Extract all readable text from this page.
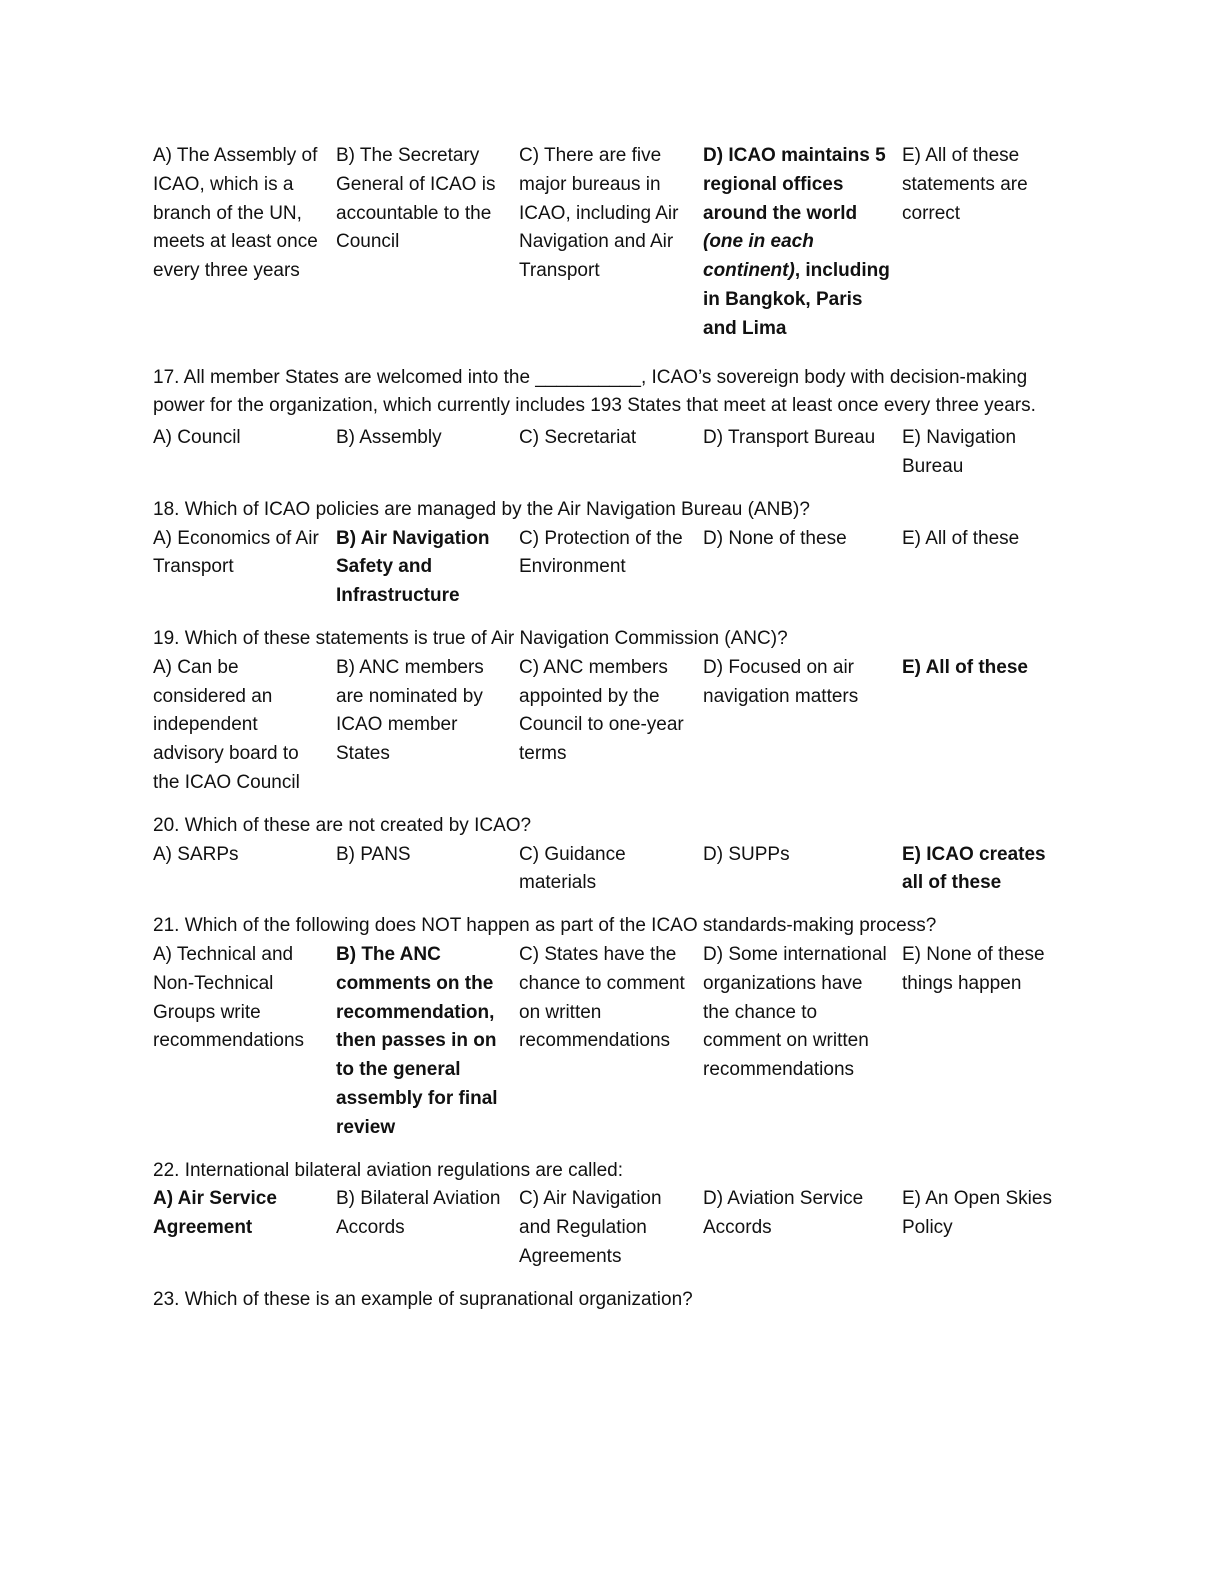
A) The Assembly of ICAO, which is a branch of the UN, meets at least once every three years
B) The Secretary General of ICAO is accountable to the Council
C) There are five major bureaus in ICAO, including Air Navigation and Air Transport
D) ICAO maintains 5 regional offices around the world (one in each continent), including in Bangkok, Paris and Lima
E) All of these statements are correct

17. All member States are welcomed into the __________, ICAO’s sovereign body with decision-making power for the organization, which currently includes 193 States that meet at least once every three years.

A) Council	B) Assembly	C) Secretariat	D) Transport Bureau	E) Navigation Bureau

18. Which of ICAO policies are managed by the Air Navigation Bureau (ANB)?

A) Economics of Air Transport
B) Air Navigation Safety and Infrastructure
C) Protection of the Environment
D) None of these	E) All of these

19. Which of these statements is true of Air Navigation Commission (ANC)?

A) Can be considered an independent advisory board to the ICAO Council
B) ANC members are nominated by ICAO member States
C) ANC members appointed by the Council to one-year terms
D) Focused on air navigation matters
E) All of these

20. Which of these are not created by ICAO?

A) SARPs	B) PANS	C) Guidance materials
D) SUPPs	E) ICAO creates all of these

21. Which of the following does NOT happen as part of the ICAO standards-making process?

A) Technical and Non-Technical Groups write recommendations
B) The ANC comments on the recommendation, then passes in on to the general assembly for final review
C) States have the chance to comment on written recommendations
D) Some international organizations have the chance to comment on written recommendations
E) None of these things happen

22. International bilateral aviation regulations are called:

A) Air Service Agreement
B) Bilateral Aviation Accords
C) Air Navigation and Regulation Agreements
D) Aviation Service Accords
E) An Open Skies Policy

23. Which of these is an example of supranational organization?
